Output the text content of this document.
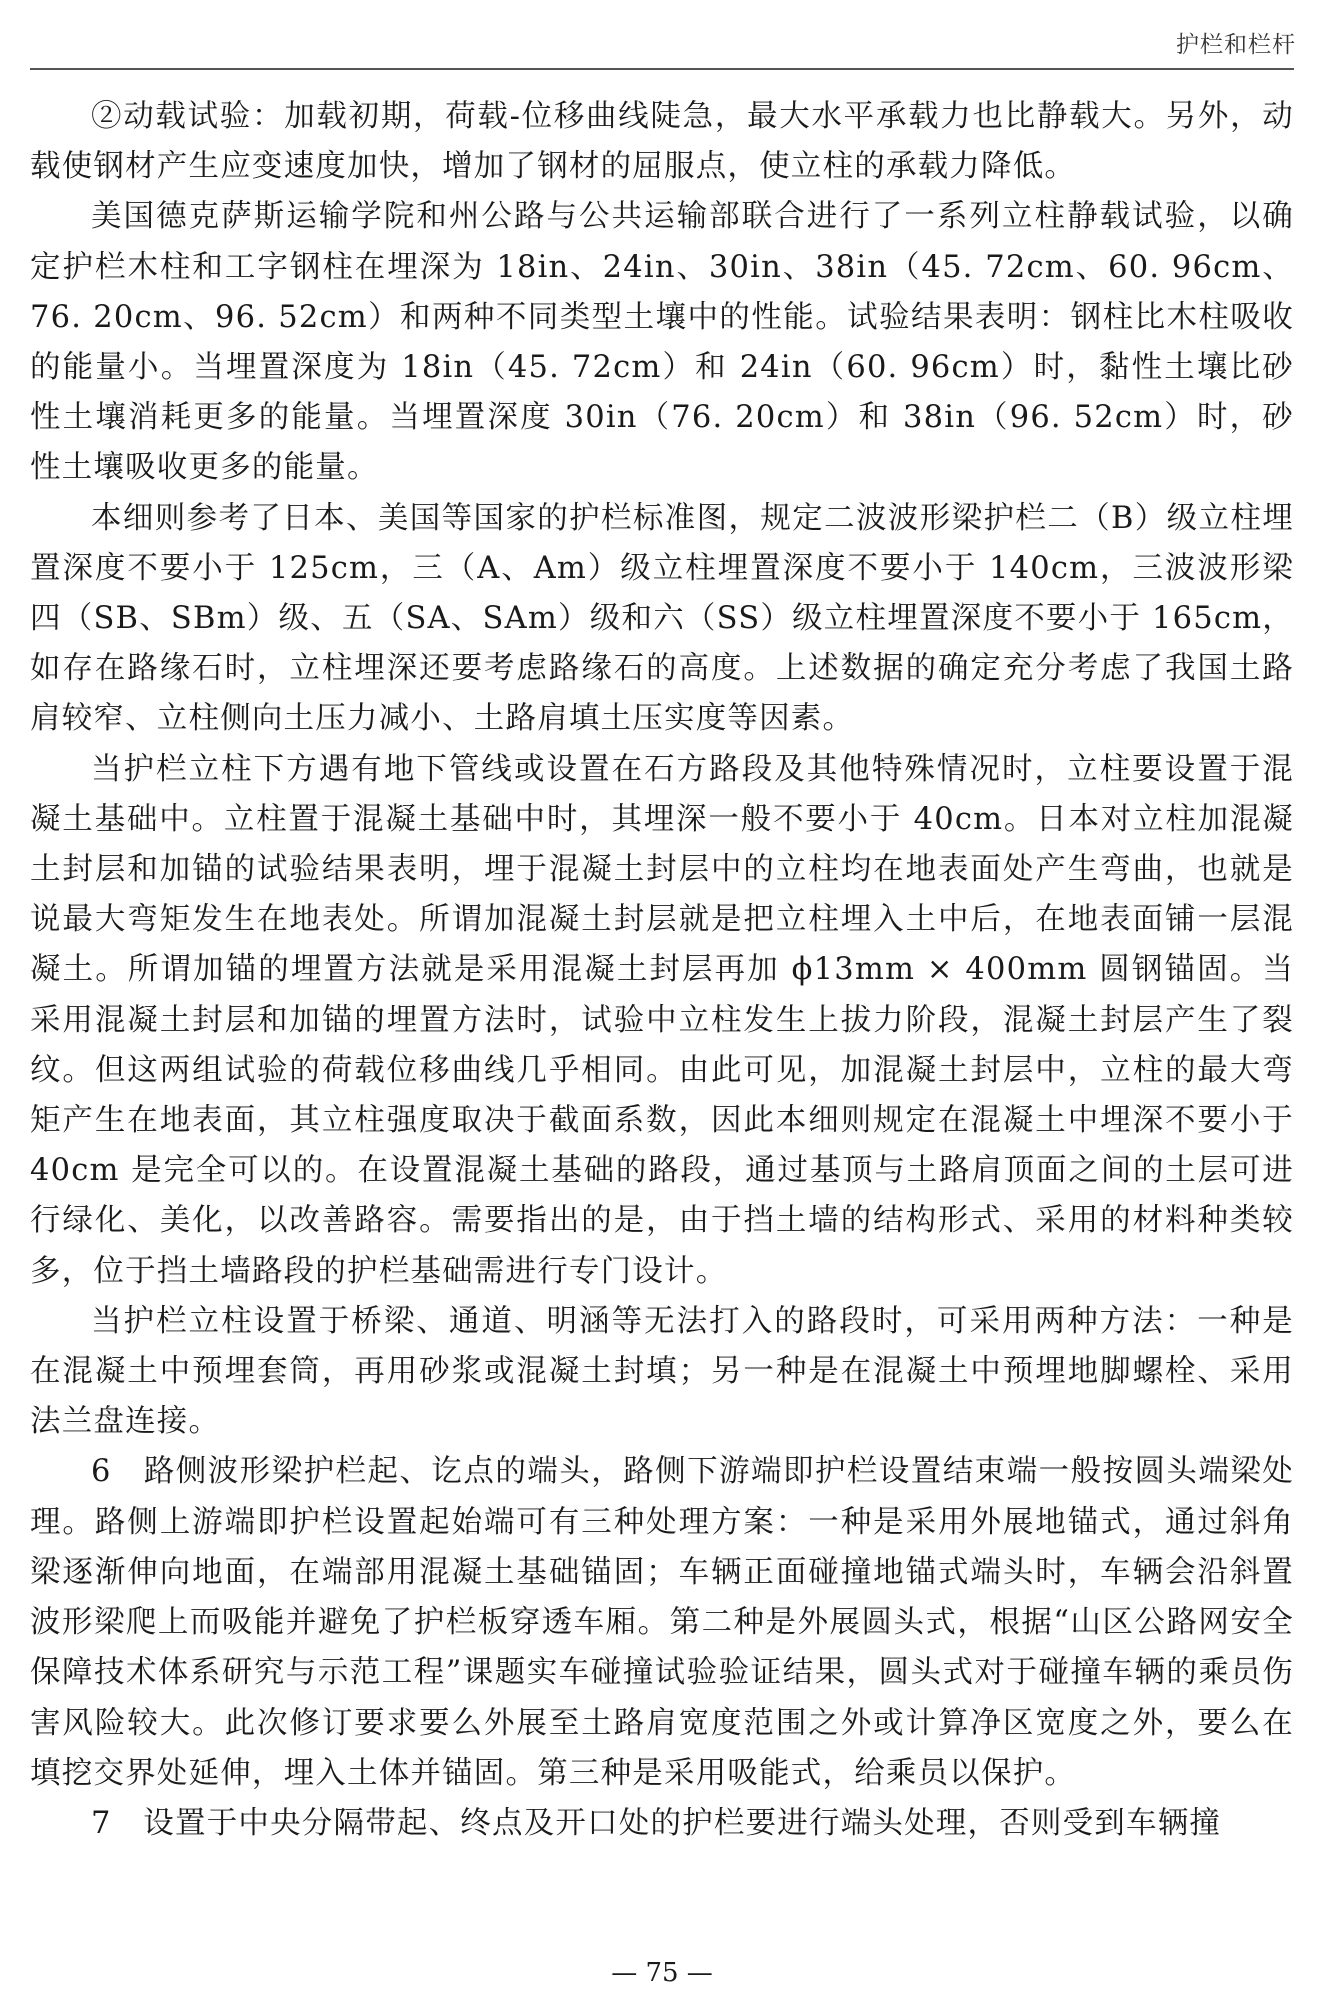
护栏和栏杆

②动载试验：加载初期，荷载-位移曲线陡急，最大水平承载力也比静载大。另外，动载使钢材产生应变速度加快，增加了钢材的屈服点，使立柱的承载力降低。

美国德克萨斯运输学院和州公路与公共运输部联合进行了一系列立柱静载试验，以确定护栏木柱和工字钢柱在埋深为 18in、24in、30in、38in（45. 72cm、60. 96cm、76. 20cm、96. 52cm）和两种不同类型土壤中的性能。试验结果表明：钢柱比木柱吸收的能量小。当埋置深度为 18in（45. 72cm）和 24in（60. 96cm）时，黏性土壤比砂性土壤消耗更多的能量。当埋置深度 30in（76. 20cm）和 38in（96. 52cm）时，砂性土壤吸收更多的能量。

本细则参考了日本、美国等国家的护栏标准图，规定二波波形梁护栏二（B）级立柱埋置深度不要小于 125cm，三（A、Am）级立柱埋置深度不要小于 140cm，三波波形梁四（SB、SBm）级、五（SA、SAm）级和六（SS）级立柱埋置深度不要小于 165cm，如存在路缘石时，立柱埋深还要考虑路缘石的高度。上述数据的确定充分考虑了我国土路肩较窄、立柱侧向土压力减小、土路肩填土压实度等因素。

当护栏立柱下方遇有地下管线或设置在石方路段及其他特殊情况时，立柱要设置于混凝土基础中。立柱置于混凝土基础中时，其埋深一般不要小于 40cm。日本对立柱加混凝土封层和加锚的试验结果表明，埋于混凝土封层中的立柱均在地表面处产生弯曲，也就是说最大弯矩发生在地表处。所谓加混凝土封层就是把立柱埋入土中后，在地表面铺一层混凝土。所谓加锚的埋置方法就是采用混凝土封层再加 ϕ13mm × 400mm 圆钢锚固。当采用混凝土封层和加锚的埋置方法时，试验中立柱发生上拔力阶段，混凝土封层产生了裂纹。但这两组试验的荷载位移曲线几乎相同。由此可见，加混凝土封层中，立柱的最大弯矩产生在地表面，其立柱强度取决于截面系数，因此本细则规定在混凝土中埋深不要小于 40cm 是完全可以的。在设置混凝土基础的路段，通过基顶与土路肩顶面之间的土层可进行绿化、美化，以改善路容。需要指出的是，由于挡土墙的结构形式、采用的材料种类较多，位于挡土墙路段的护栏基础需进行专门设计。

当护栏立柱设置于桥梁、通道、明涵等无法打入的路段时，可采用两种方法：一种是在混凝土中预埋套筒，再用砂浆或混凝土封填；另一种是在混凝土中预埋地脚螺栓、采用法兰盘连接。

6　路侧波形梁护栏起、讫点的端头，路侧下游端即护栏设置结束端一般按圆头端梁处理。路侧上游端即护栏设置起始端可有三种处理方案：一种是采用外展地锚式，通过斜角梁逐渐伸向地面，在端部用混凝土基础锚固；车辆正面碰撞地锚式端头时，车辆会沿斜置波形梁爬上而吸能并避免了护栏板穿透车厢。第二种是外展圆头式，根据“山区公路网安全保障技术体系研究与示范工程”课题实车碰撞试验验证结果，圆头式对于碰撞车辆的乘员伤害风险较大。此次修订要求要么外展至土路肩宽度范围之外或计算净区宽度之外，要么在填挖交界处延伸，埋入土体并锚固。第三种是采用吸能式，给乘员以保护。

7　设置于中央分隔带起、终点及开口处的护栏要进行端头处理，否则受到车辆撞

— 75 —
